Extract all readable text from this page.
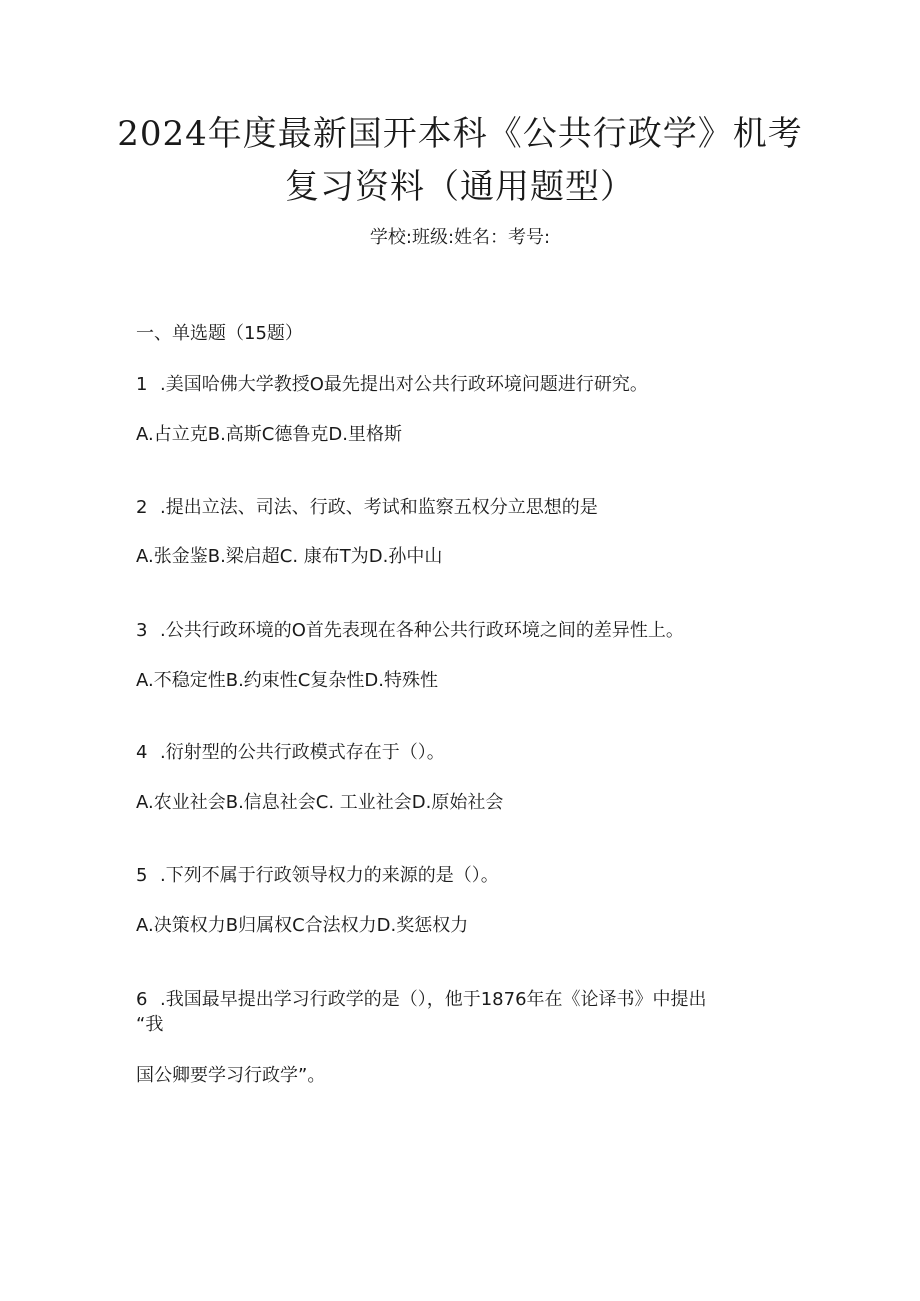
2024年度最新国开本科《公共行政学》机考
复习资料（通用题型）
学校:班级:姓名：考号:
一、单选题（15题）
1 .美国哈佛大学教授O最先提出对公共行政环境问题进行研究。
A.占立克B.高斯C德鲁克D.里格斯
2 .提出立法、司法、行政、考试和监察五权分立思想的是
A.张金鉴B.梁启超C. 康布T为D.孙中山
3 .公共行政环境的O首先表现在各种公共行政环境之间的差异性上。
A.不稳定性B.约束性C复杂性D.特殊性
4 .衍射型的公共行政模式存在于（）。
A.农业社会B.信息社会C. 工业社会D.原始社会
5 .下列不属于行政领导权力的来源的是（）。
A.决策权力B归属权C合法权力D.奖惩权力
6 .我国最早提出学习行政学的是（），他于1876年在《论译书》中提出
“我
国公卿要学习行政学”。
